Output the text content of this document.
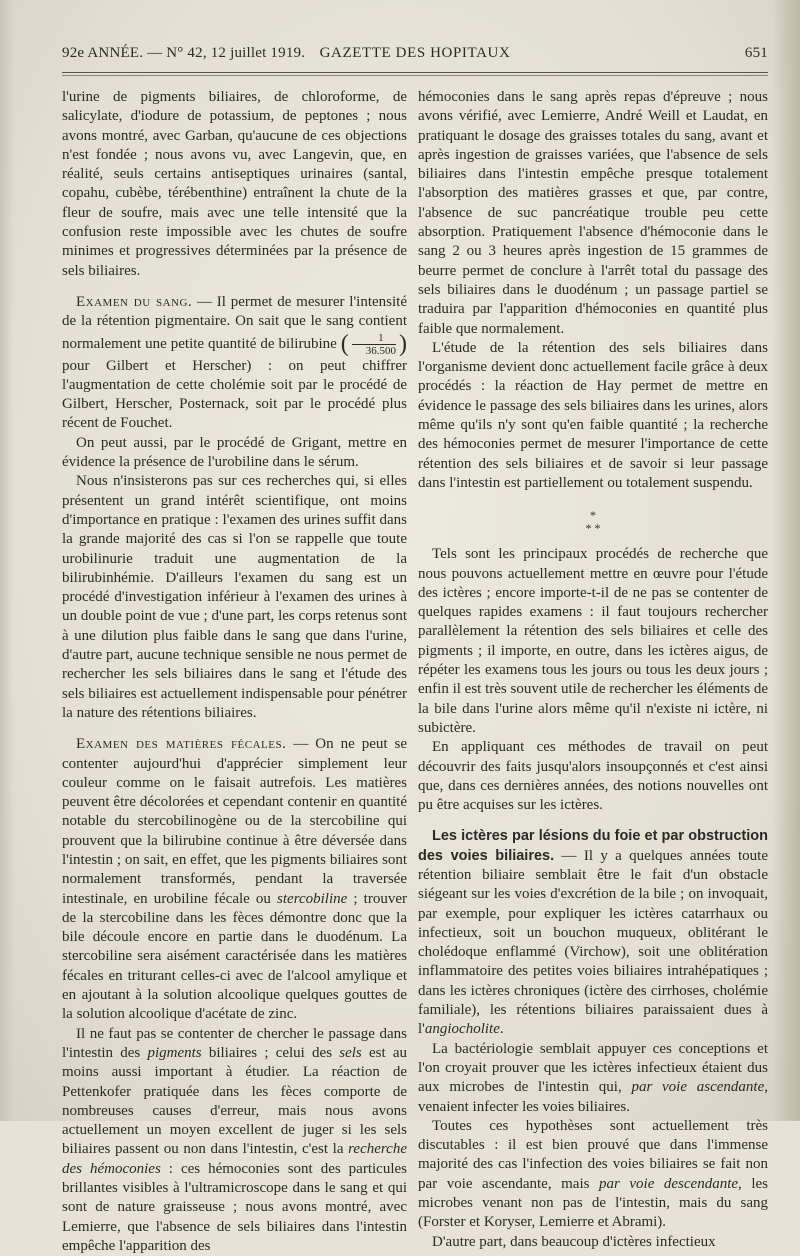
92e ANNÉE. — N° 42, 12 juillet 1919. GAZETTE DES HOPITAUX	651

l'urine de pigments biliaires, de chloroforme, de salicylate, d'iodure de potassium, de peptones ; nous avons montré, avec Garban, qu'aucune de ces objections n'est fondée ; nous avons vu, avec Langevin, que, en réalité, seuls certains antiseptiques urinaires (santal, copahu, cubèbe, térébenthine) entraînent la chute de la fleur de soufre, mais avec une telle intensité que la confusion reste impossible avec les chutes de soufre minimes et progressives déterminées par la présence de sels biliaires.

Examen du sang. — Il permet de mesurer l'intensité de la rétention pigmentaire. On sait que le sang contient normalement une petite quantité de bilirubine ( $\frac{1}{36.500}$ ) pour Gilbert et Herscher) : on peut chiffrer l'augmentation de cette cholémie soit par le procédé de Gilbert, Herscher, Posternack, soit par le procédé plus récent de Fouchet.

On peut aussi, par le procédé de Grigant, mettre en évidence la présence de l'urobiline dans le sérum.

Nous n'insisterons pas sur ces recherches qui, si elles présentent un grand intérêt scientifique, ont moins d'importance en pratique : l'examen des urines suffit dans la grande majorité des cas si l'on se rappelle que toute urobilinurie traduit une augmentation de la bilirubinhémie. D'ailleurs l'examen du sang est un procédé d'investigation inférieur à l'examen des urines à un double point de vue ; d'une part, les corps retenus sont à une dilution plus faible dans le sang que dans l'urine, d'autre part, aucune technique sensible ne nous permet de rechercher les sels biliaires dans le sang et l'étude des sels biliaires est actuellement indispensable pour pénétrer la nature des rétentions biliaires.

Examen des matières fécales. — On ne peut se contenter aujourd'hui d'apprécier simplement leur couleur comme on le faisait autrefois. Les matières peuvent être décolorées et cependant contenir en quantité notable du stercobilinogène ou de la stercobiline qui prouvent que la bilirubine continue à être déversée dans l'intestin ; on sait, en effet, que les pigments biliaires sont normalement transformés, pendant la traversée intestinale, en urobiline fécale ou stercobiline ; trouver de la stercobiline dans les fèces démontre donc que la bile découle encore en partie dans le duodénum. La stercobiline sera aisément caractérisée dans les matières fécales en triturant celles-ci avec de l'alcool amylique et en ajoutant à la solution alcoolique quelques gouttes de la solution alcoolique d'acétate de zinc.

Il ne faut pas se contenter de chercher le passage dans l'intestin des pigments biliaires ; celui des sels est au moins aussi important à étudier. La réaction de Pettenkofer pratiquée dans les fèces comporte de nombreuses causes d'erreur, mais nous avons actuellement un moyen excellent de juger si les sels biliaires passent ou non dans l'intestin, c'est la recherche des hémoconies : ces hémoconies sont des particules brillantes visibles à l'ultramicroscope dans le sang et qui sont de nature graisseuse ; nous avons montré, avec Lemierre, que l'absence de sels biliaires dans l'intestin empêche l'apparition des

hémoconies dans le sang après repas d'épreuve ; nous avons vérifié, avec Lemierre, André Weill et Laudat, en pratiquant le dosage des graisses totales du sang, avant et après ingestion de graisses variées, que l'absence de sels biliaires dans l'intestin empêche presque totalement l'absorption des matières grasses et que, par contre, l'absence de suc pancréatique trouble peu cette absorption. Pratiquement l'absence d'hémoconie dans le sang 2 ou 3 heures après ingestion de 15 grammes de beurre permet de conclure à l'arrêt total du passage des sels biliaires dans le duodénum ; un passage partiel se traduira par l'apparition d'hémoconies en quantité plus faible que normalement.

L'étude de la rétention des sels biliaires dans l'organisme devient donc actuellement facile grâce à deux procédés : la réaction de Hay permet de mettre en évidence le passage des sels biliaires dans les urines, alors même qu'ils n'y sont qu'en faible quantité ; la recherche des hémoconies permet de mesurer l'importance de cette rétention des sels biliaires et de savoir si leur passage dans l'intestin est partiellement ou totalement suspendu.

*
* *

Tels sont les principaux procédés de recherche que nous pouvons actuellement mettre en œuvre pour l'étude des ictères ; encore importe-t-il de ne pas se contenter de quelques rapides examens : il faut toujours rechercher parallèlement la rétention des sels biliaires et celle des pigments ; il importe, en outre, dans les ictères aigus, de répéter les examens tous les jours ou tous les deux jours ; enfin il est très souvent utile de rechercher les éléments de la bile dans l'urine alors même qu'il n'existe ni ictère, ni subictère.

En appliquant ces méthodes de travail on peut découvrir des faits jusqu'alors insoupçonnés et c'est ainsi que, dans ces dernières années, des notions nouvelles ont pu être acquises sur les ictères.

Les ictères par lésions du foie et par obstruction des voies biliaires. — Il y a quelques années toute rétention biliaire semblait être le fait d'un obstacle siégeant sur les voies d'excrétion de la bile ; on invoquait, par exemple, pour expliquer les ictères catarrhaux ou infectieux, soit un bouchon muqueux, oblitérant le cholédoque enflammé (Virchow), soit une oblitération inflammatoire des petites voies biliaires intrahépatiques ; dans les ictères chroniques (ictère des cirrhoses, cholémie familiale), les rétentions biliaires paraissaient dues à l'angiocholite.

La bactériologie semblait appuyer ces conceptions et l'on croyait prouver que les ictères infectieux étaient dus aux microbes de l'intestin qui, par voie ascendante, venaient infecter les voies biliaires.

Toutes ces hypothèses sont actuellement très discutables : il est bien prouvé que dans l'immense majorité des cas l'infection des voies biliaires se fait non par voie ascendante, mais par voie descendante, les microbes venant non pas de l'intestin, mais du sang (Forster et Koryser, Lemierre et Abrami).

D'autre part, dans beaucoup d'ictères infectieux
